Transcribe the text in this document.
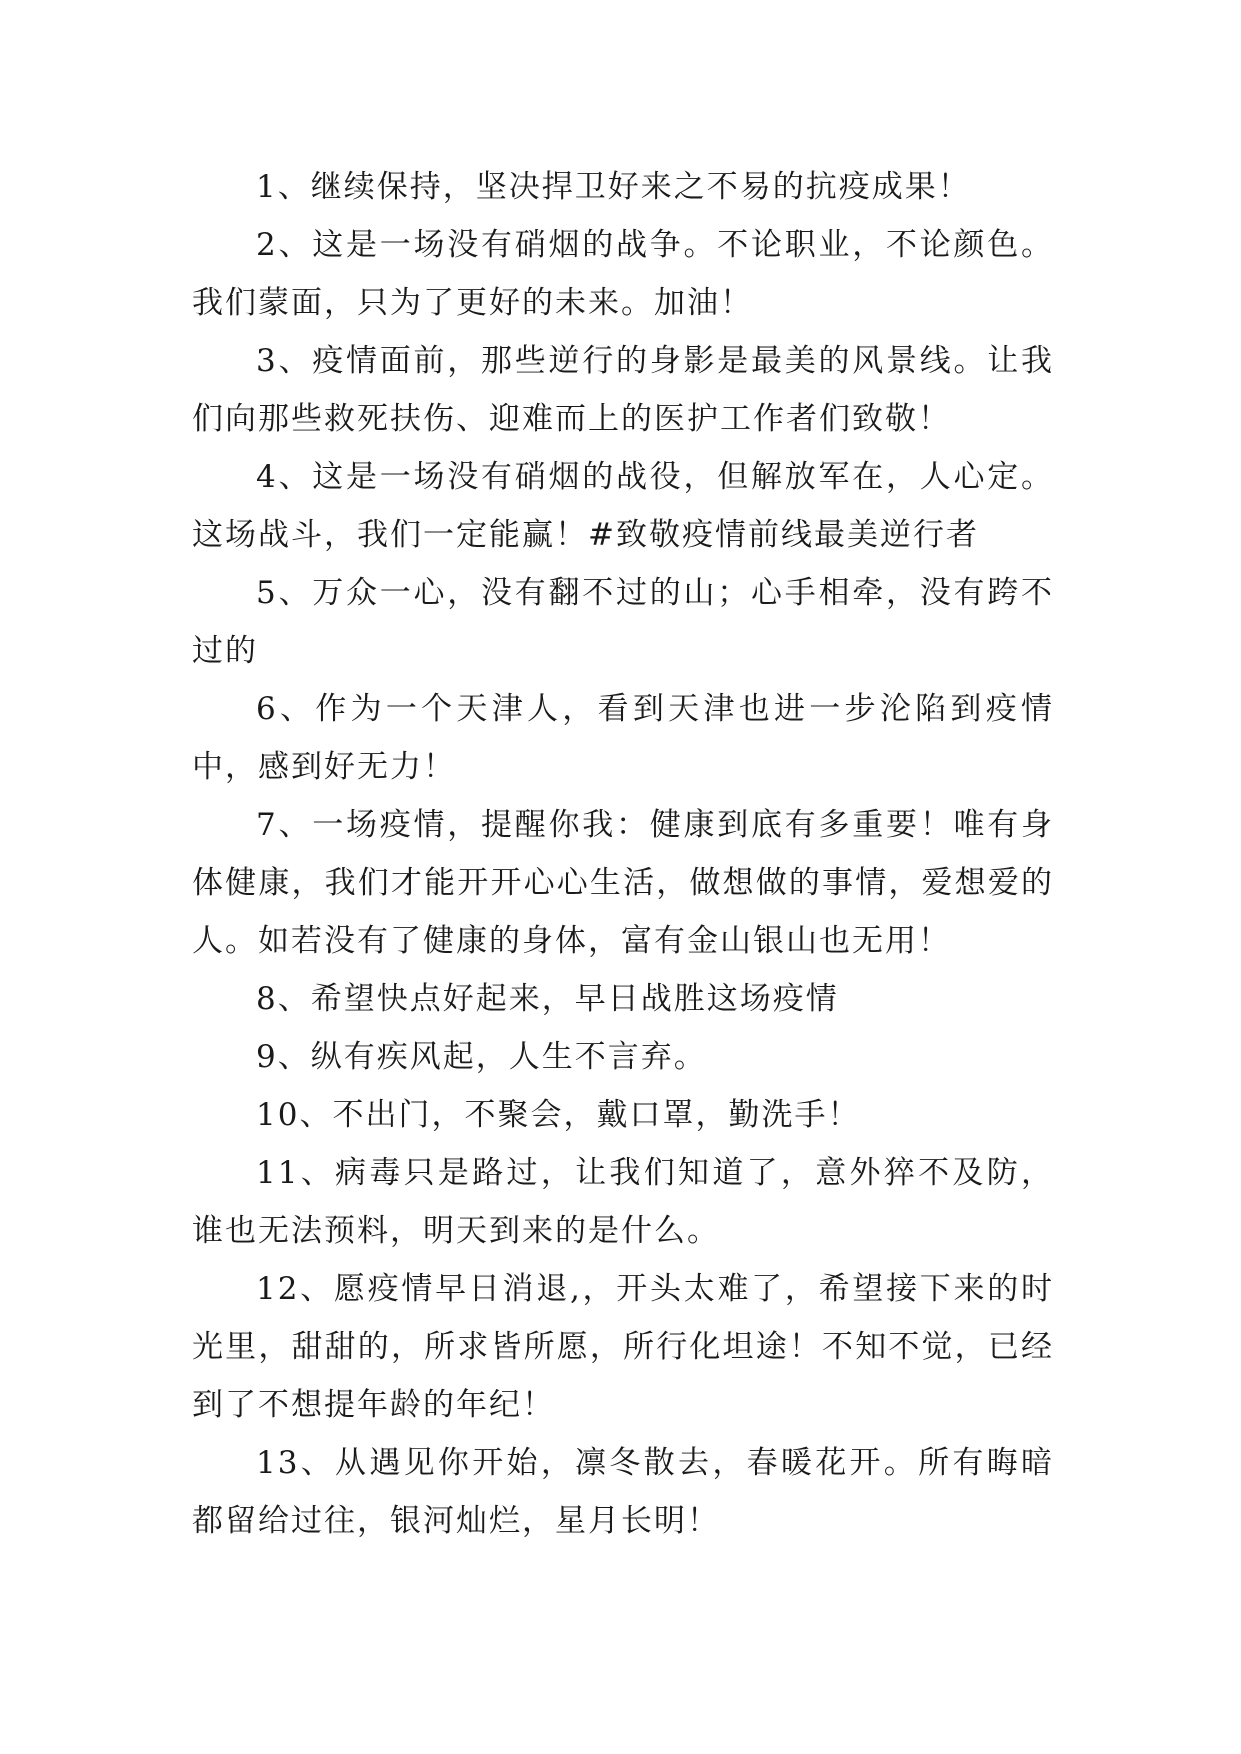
1、继续保持，坚决捍卫好来之不易的抗疫成果！

2、这是一场没有硝烟的战争。不论职业，不论颜色。我们蒙面，只为了更好的未来。加油！

3、疫情面前，那些逆行的身影是最美的风景线。让我们向那些救死扶伤、迎难而上的医护工作者们致敬！

4、这是一场没有硝烟的战役，但解放军在，人心定。这场战斗，我们一定能赢！#致敬疫情前线最美逆行者

5、万众一心，没有翻不过的山；心手相牵，没有跨不过的

6、作为一个天津人，看到天津也进一步沦陷到疫情中，感到好无力！

7、一场疫情，提醒你我：健康到底有多重要！唯有身体健康，我们才能开开心心生活，做想做的事情，爱想爱的人。如若没有了健康的身体，富有金山银山也无用！

8、希望快点好起来，早日战胜这场疫情

9、纵有疾风起，人生不言弃。

10、不出门，不聚会，戴口罩，勤洗手！

11、病毒只是路过，让我们知道了，意外猝不及防，谁也无法预料，明天到来的是什么。

12、愿疫情早日消退,，开头太难了，希望接下来的时光里，甜甜的，所求皆所愿，所行化坦途！不知不觉，已经到了不想提年龄的年纪！

13、从遇见你开始，凛冬散去，春暖花开。所有晦暗都留给过往，银河灿烂，星月长明！
